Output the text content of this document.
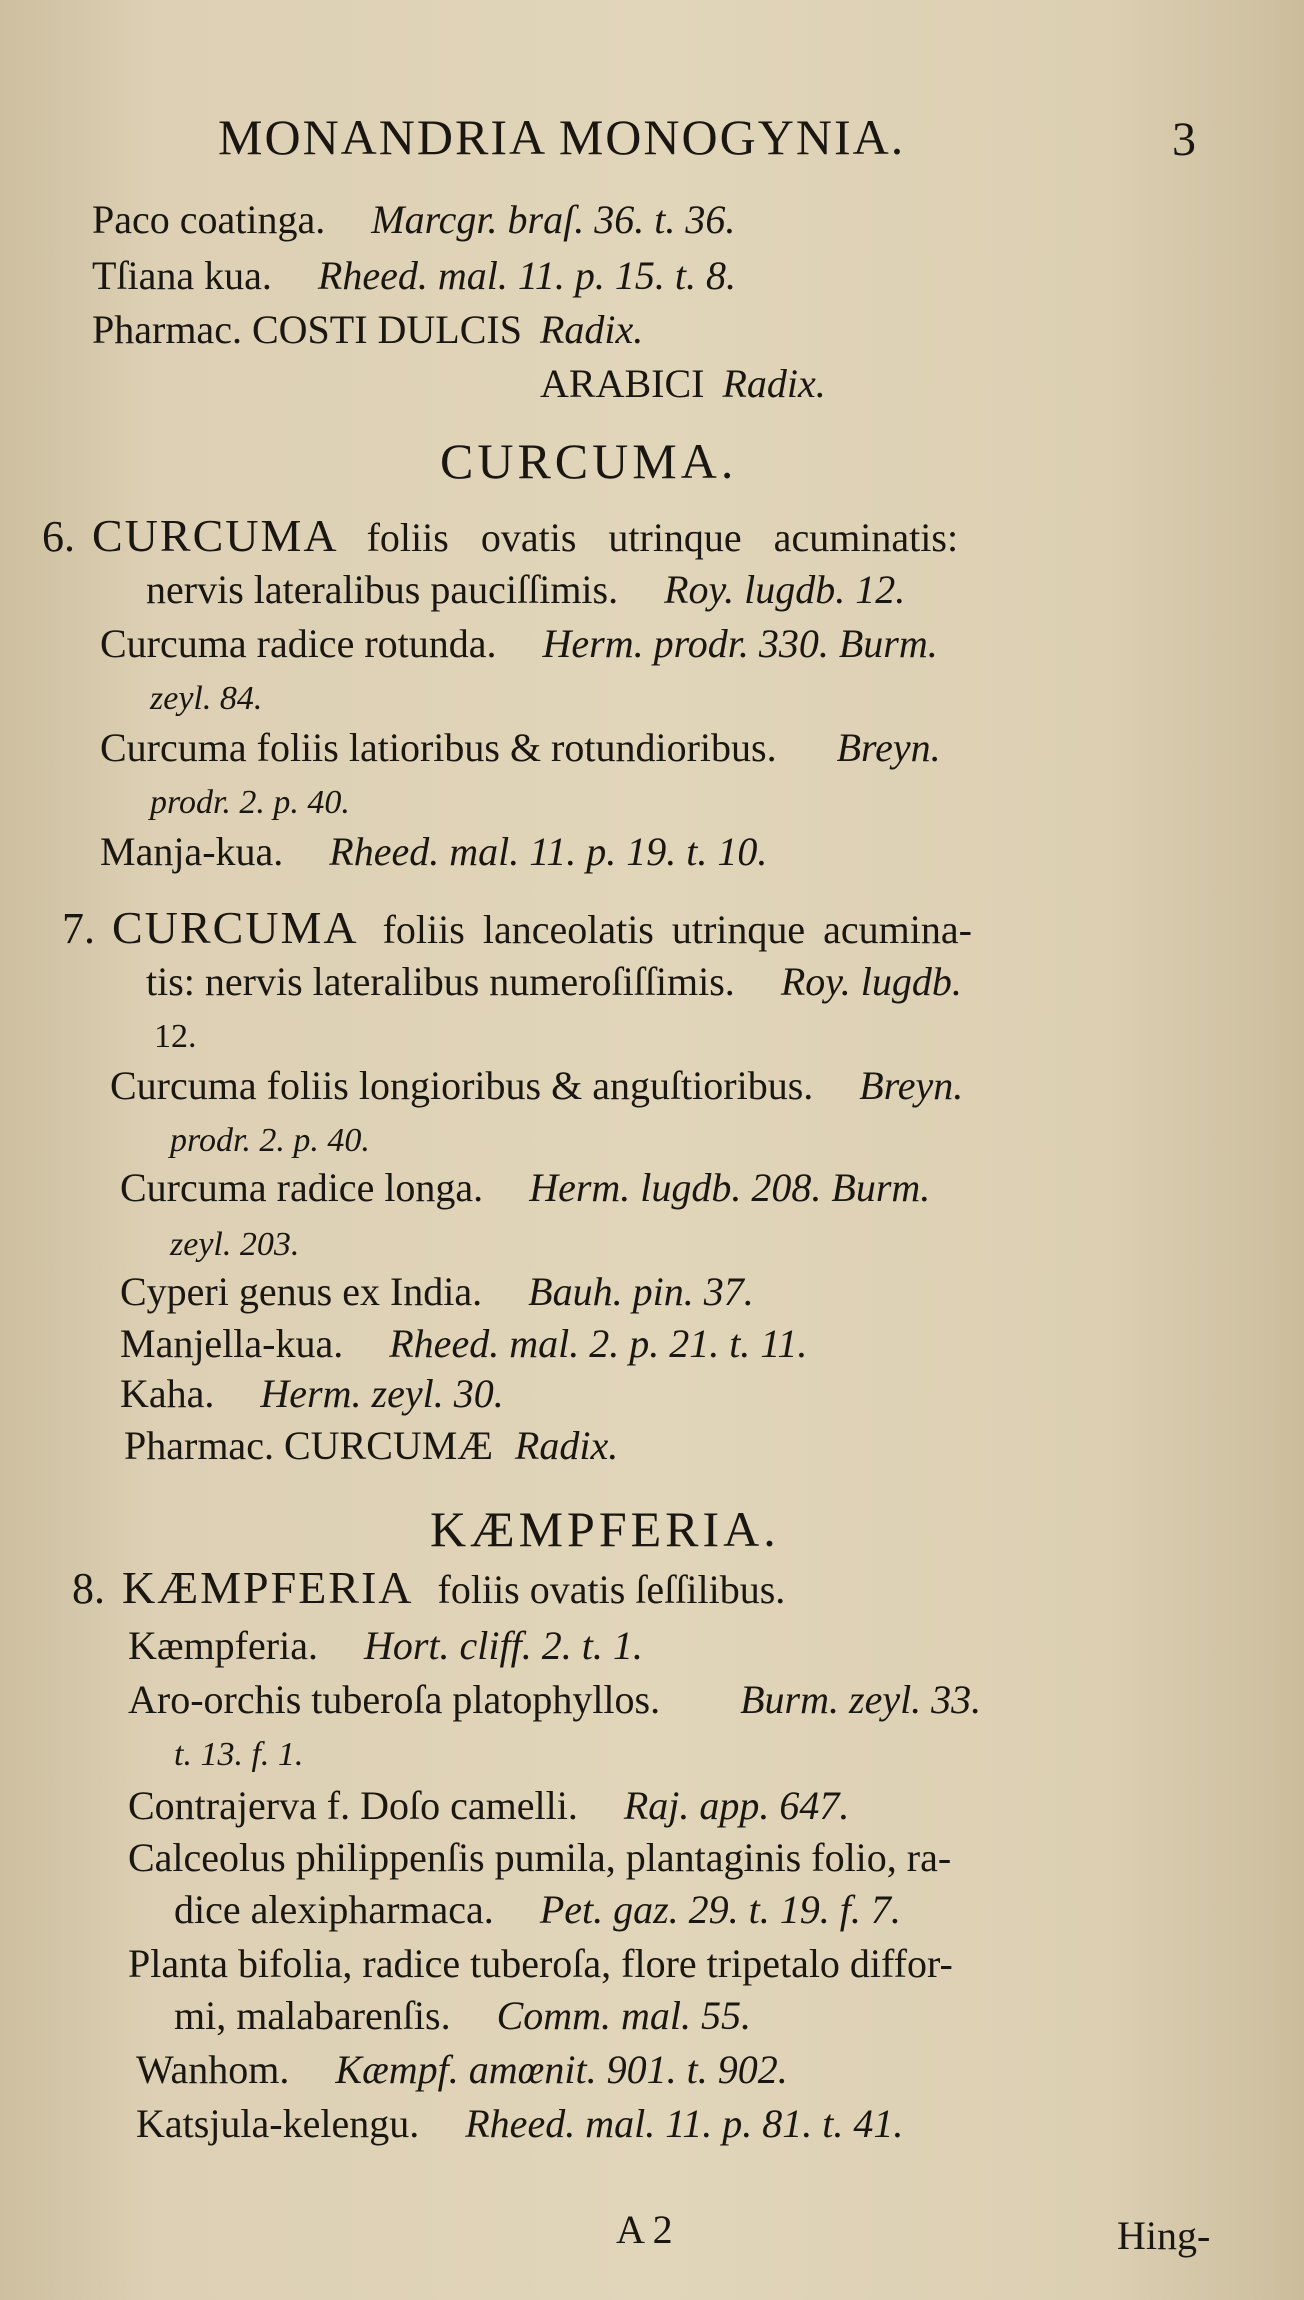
MONANDRIA MONOGYNIA.	3
Paco coatinga. Marcgr. braſ. 36. t. 36.
Tſiana kua. Rheed. mal. 11. p. 15. t. 8.
Pharmac. COSTI DULCIS Radix.
ARABICI Radix.
CURCUMA.
6. CURCUMA foliis ovatis utrinque acuminatis:
nervis lateralibus pauciſſimis. Roy. lugdb. 12.
Curcuma radice rotunda. Herm. prodr. 330. Burm.
zeyl. 84.
Curcuma foliis latioribus & rotundioribus. Breyn.
prodr. 2. p. 40.
Manja-kua. Rheed. mal. 11. p. 19. t. 10.
7. CURCUMA foliis lanceolatis utrinque acumina-
tis: nervis lateralibus numeroſiſſimis. Roy. lugdb.
12.
Curcuma foliis longioribus & anguſtioribus. Breyn.
prodr. 2. p. 40.
Curcuma radice longa. Herm. lugdb. 208. Burm.
zeyl. 203.
Cyperi genus ex India. Bauh. pin. 37.
Manjella-kua. Rheed. mal. 2. p. 21. t. 11.
Kaha. Herm. zeyl. 30.
Pharmac. CURCUMÆ Radix.
KÆMPFERIA.
8. KÆMPFERIA foliis ovatis ſeſſilibus.
Kæmpferia. Hort. cliff. 2. t. 1.
Aro-orchis tuberoſa platophyllos. Burm. zeyl. 33.
t. 13. f. 1.
Contrajerva f. Doſo camelli. Raj. app. 647.
Calceolus philippenſis pumila, plantaginis folio, ra-
dice alexipharmaca. Pet. gaz. 29. t. 19. f. 7.
Planta bifolia, radice tuberoſa, flore tripetalo diffor-
mi, malabarenſis. Comm. mal. 55.
Wanhom. Kæmpf. amœnit. 901. t. 902.
Katsjula-kelengu. Rheed. mal. 11. p. 81. t. 41.
A 2	Hing-
